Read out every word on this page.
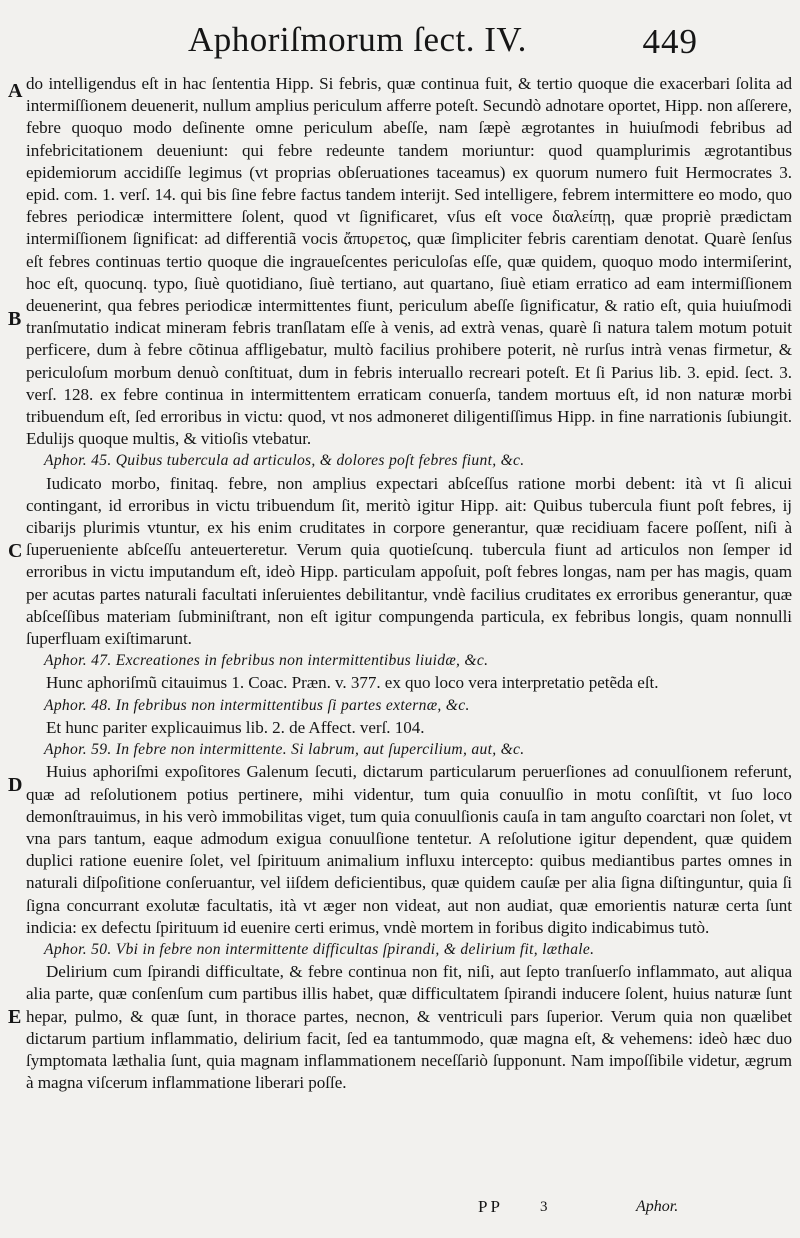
Aphoriſmorum ſect. IV.	449
A
B
C
D
E

do intelligendus eſt in hac ſententia Hipp. Si febris, quæ continua fuit, & tertio quoque die exacerbari ſolita ad intermiſſionem deuenerit, nullum amplius periculum afferre poteſt. Secundò adnotare oportet, Hipp. non aſſerere, febre quoquo modo deſinente omne periculum abeſſe, nam ſæpè ægrotantes in huiuſmodi febribus ad infebricitationem deueniunt: qui febre redeunte tandem moriuntur: quod quamplurimis ægrotantibus epidemiorum accidiſſe legimus (vt proprias obſeruationes taceamus) ex quorum numero fuit Hermocrates 3. epid. com. 1. verſ. 14. qui bis ſine febre factus tandem interijt. Sed intelligere, febrem intermittere eo modo, quo febres periodicæ intermittere ſolent, quod vt ſignificaret, vſus eſt voce διαλείπῃ, quæ propriè prædictam intermiſſionem ſignificat: ad differentiã vocis ἄπυρετος, quæ ſimpliciter febris carentiam denotat. Quarè ſenſus eſt febres continuas tertio quoque die ingraueſcentes periculoſas eſſe, quæ quidem, quoquo modo intermiſerint, hoc eſt, quocunq. typo, ſiuè quotidiano, ſiuè tertiano, aut quartano, ſiuè etiam erratico ad eam intermiſſionem deuenerint, qua febres periodicæ intermittentes fiunt, periculum abeſſe ſignificatur, & ratio eſt, quia huiuſmodi tranſmutatio indicat mineram febris tranſlatam eſſe à venis, ad extrà venas, quarè ſi natura talem motum potuit perficere, dum à febre cõtinua affligebatur, multò facilius prohibere poterit, nè rurſus intrà venas firmetur, & periculoſum morbum denuò conſtituat, dum in febris interuallo recreari poteſt. Et ſi Parius lib. 3. epid. ſect. 3. verſ. 128. ex febre continua in intermittentem erraticam conuerſa, tandem mortuus eſt, id non naturæ morbi tribuendum eſt, ſed erroribus in victu: quod, vt nos admoneret diligentiſſimus Hipp. in fine narrationis ſubiungit. Edulijs quoque multis, & vitioſis vtebatur.

Aphor. 45. Quibus tubercula ad articulos, & dolores poſt febres fiunt, &c.

Iudicato morbo, finitaq. febre, non amplius expectari abſceſſus ratione morbi debent: ità vt ſi alicui contingant, id erroribus in victu tribuendum ſit, meritò igitur Hipp. ait: Quibus tubercula fiunt poſt febres, ij cibarijs plurimis vtuntur, ex his enim cruditates in corpore generantur, quæ recidiuam facere poſſent, niſi à ſuperueniente abſceſſu anteuerteretur. Verum quia quotieſcunq. tubercula fiunt ad articulos non ſemper id erroribus in victu imputandum eſt, ideò Hipp. particulam appoſuit, poſt febres longas, nam per has magis, quam per acutas partes naturali facultati inſeruientes debilitantur, vndè facilius cruditates ex erroribus generantur, quæ abſceſſibus materiam ſubminiſtrant, non eſt igitur compungenda particula, ex febribus longis, quam nonnulli ſuperfluam exiſtimarunt.

Aphor. 47. Excreationes in febribus non intermittentibus liuidæ, &c.

Hunc aphoriſmũ citauimus 1. Coac. Præn. v. 377. ex quo loco vera interpretatio petẽda eſt.

Aphor. 48. In febribus non intermittentibus ſi partes externæ, &c.

Et hunc pariter explicauimus lib. 2. de Affect. verſ. 104.

Aphor. 59. In febre non intermittente. Si labrum, aut ſupercilium, aut, &c.

Huius aphoriſmi expoſitores Galenum ſecuti, dictarum particularum peruerſiones ad conuulſionem referunt, quæ ad reſolutionem potius pertinere, mihi videntur, tum quia conuulſio in motu conſiſtit, vt ſuo loco demonſtrauimus, in his verò immobilitas viget, tum quia conuulſionis cauſa in tam anguſto coarctari non ſolet, vt vna pars tantum, eaque admodum exigua conuulſione tentetur. A reſolutione igitur dependent, quæ quidem duplici ratione euenire ſolet, vel ſpirituum animalium influxu intercepto: quibus mediantibus partes omnes in naturali diſpoſitione conſeruantur, vel iiſdem deficientibus, quæ quidem cauſæ per alia ſigna diſtinguntur, quia ſi ſigna concurrant exolutæ facultatis, ità vt æger non videat, aut non audiat, quæ emorientis naturæ certa ſunt indicia: ex defectu ſpirituum id euenire certi erimus, vndè mortem in foribus digito indicabimus tutò.

Aphor. 50. Vbi in febre non intermittente difficultas ſpirandi, & delirium fit, læthale.

Delirium cum ſpirandi difficultate, & febre continua non fit, niſi, aut ſepto tranſuerſo inflammato, aut aliqua alia parte, quæ conſenſum cum partibus illis habet, quæ difficultatem ſpirandi inducere ſolent, huius naturæ ſunt hepar, pulmo, & quæ ſunt, in thorace partes, necnon, & ventriculi pars ſuperior. Verum quia non quælibet dictarum partium inflammatio, delirium facit, ſed ea tantummodo, quæ magna eſt, & vehemens: ideò hæc duo ſymptomata læthalia ſunt, quia magnam inflammationem neceſſariò ſupponunt. Nam impoſſibile videtur, ægrum à magna viſcerum inflammatione liberari poſſe.

PP 3	Aphor.
